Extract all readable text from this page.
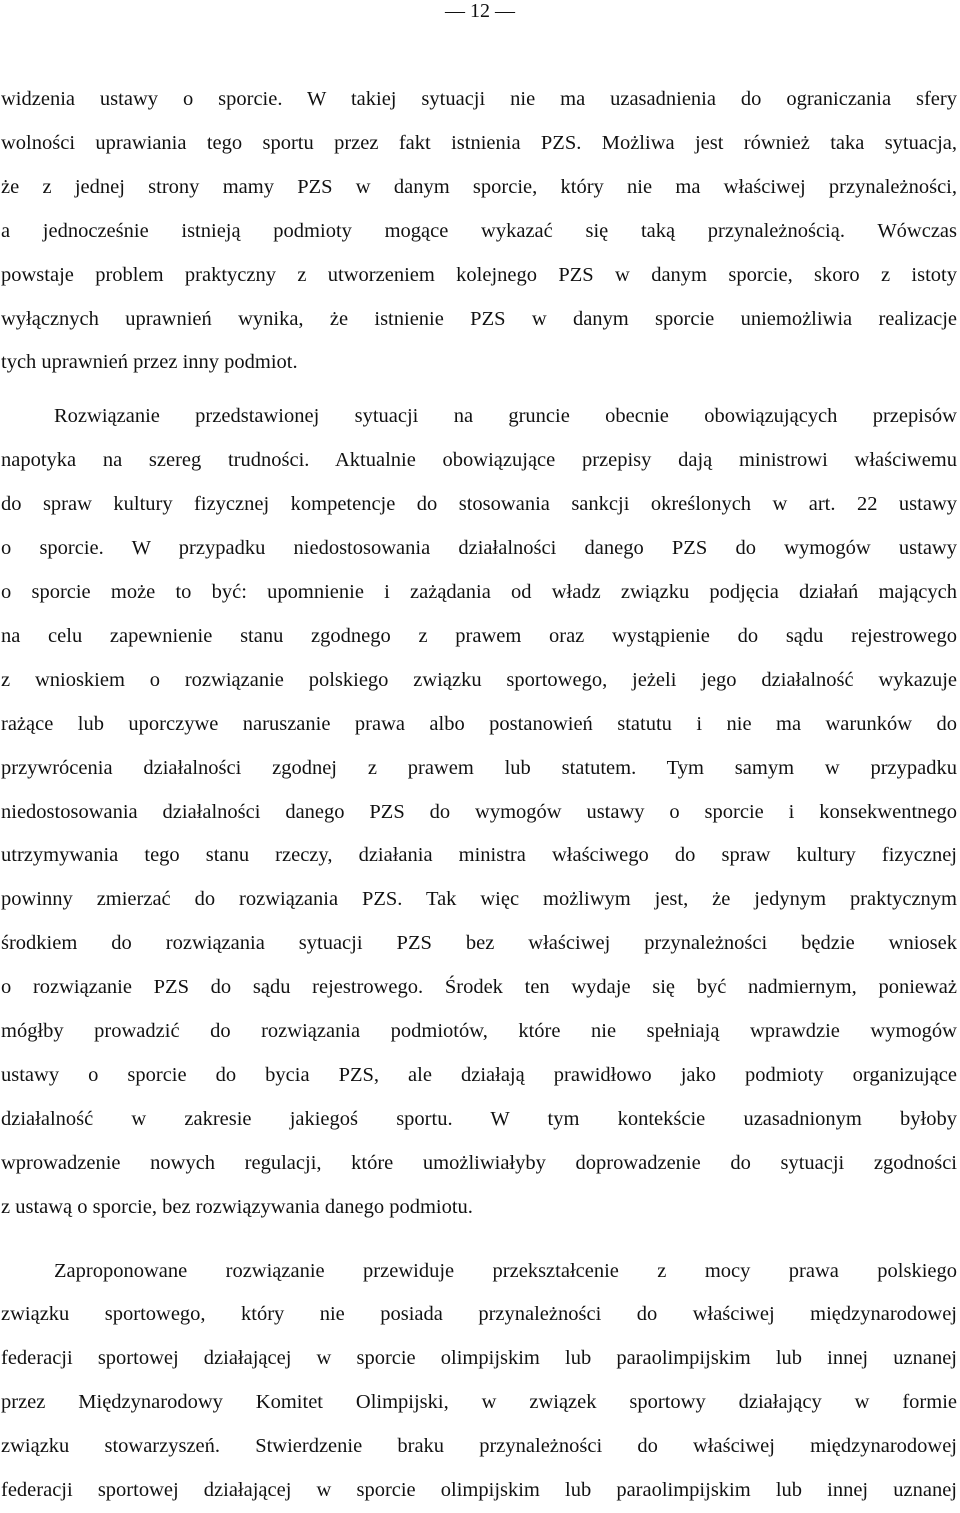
— 12 —

widzenia ustawy o sporcie. W takiej sytuacji nie ma uzasadnienia do ograniczania sfery
wolności uprawiania tego sportu przez fakt istnienia PZS. Możliwa jest również taka sytuacja,
że z jednej strony mamy PZS w danym sporcie, który nie ma właściwej przynależności,
a jednocześnie istnieją podmioty mogące wykazać się taką przynależnością. Wówczas
powstaje problem praktyczny z utworzeniem kolejnego PZS w danym sporcie, skoro z istoty
wyłącznych uprawnień wynika, że istnienie PZS w danym sporcie uniemożliwia realizacje
tych uprawnień przez inny podmiot.

Rozwiązanie przedstawionej sytuacji na gruncie obecnie obowiązujących przepisów
napotyka na szereg trudności. Aktualnie obowiązujące przepisy dają ministrowi właściwemu
do spraw kultury fizycznej kompetencje do stosowania sankcji określonych w art. 22 ustawy
o sporcie. W przypadku niedostosowania działalności danego PZS do wymogów ustawy
o sporcie może to być: upomnienie i zażądania od władz związku podjęcia działań mających
na celu zapewnienie stanu zgodnego z prawem oraz wystąpienie do sądu rejestrowego
z wnioskiem o rozwiązanie polskiego związku sportowego, jeżeli jego działalność wykazuje
rażące lub uporczywe naruszanie prawa albo postanowień statutu i nie ma warunków do
przywrócenia działalności zgodnej z prawem lub statutem. Tym samym w przypadku
niedostosowania działalności danego PZS do wymogów ustawy o sporcie i konsekwentnego
utrzymywania tego stanu rzeczy, działania ministra właściwego do spraw kultury fizycznej
powinny zmierzać do rozwiązania PZS. Tak więc możliwym jest, że jedynym praktycznym
środkiem do rozwiązania sytuacji PZS bez właściwej przynależności będzie wniosek
o rozwiązanie PZS do sądu rejestrowego. Środek ten wydaje się być nadmiernym, ponieważ
mógłby prowadzić do rozwiązania podmiotów, które nie spełniają wprawdzie wymogów
ustawy o sporcie do bycia PZS, ale działają prawidłowo jako podmioty organizujące
działalność w zakresie jakiegoś sportu. W tym kontekście uzasadnionym byłoby
wprowadzenie nowych regulacji, które umożliwiałyby doprowadzenie do sytuacji zgodności
z ustawą o sporcie, bez rozwiązywania danego podmiotu.

Zaproponowane rozwiązanie przewiduje przekształcenie z mocy prawa polskiego
związku sportowego, który nie posiada przynależności do właściwej międzynarodowej
federacji sportowej działającej w sporcie olimpijskim lub paraolimpijskim lub innej uznanej
przez Międzynarodowy Komitet Olimpijski, w związek sportowy działający w formie
związku stowarzyszeń. Stwierdzenie braku przynależności do właściwej międzynarodowej
federacji sportowej działającej w sporcie olimpijskim lub paraolimpijskim lub innej uznanej
